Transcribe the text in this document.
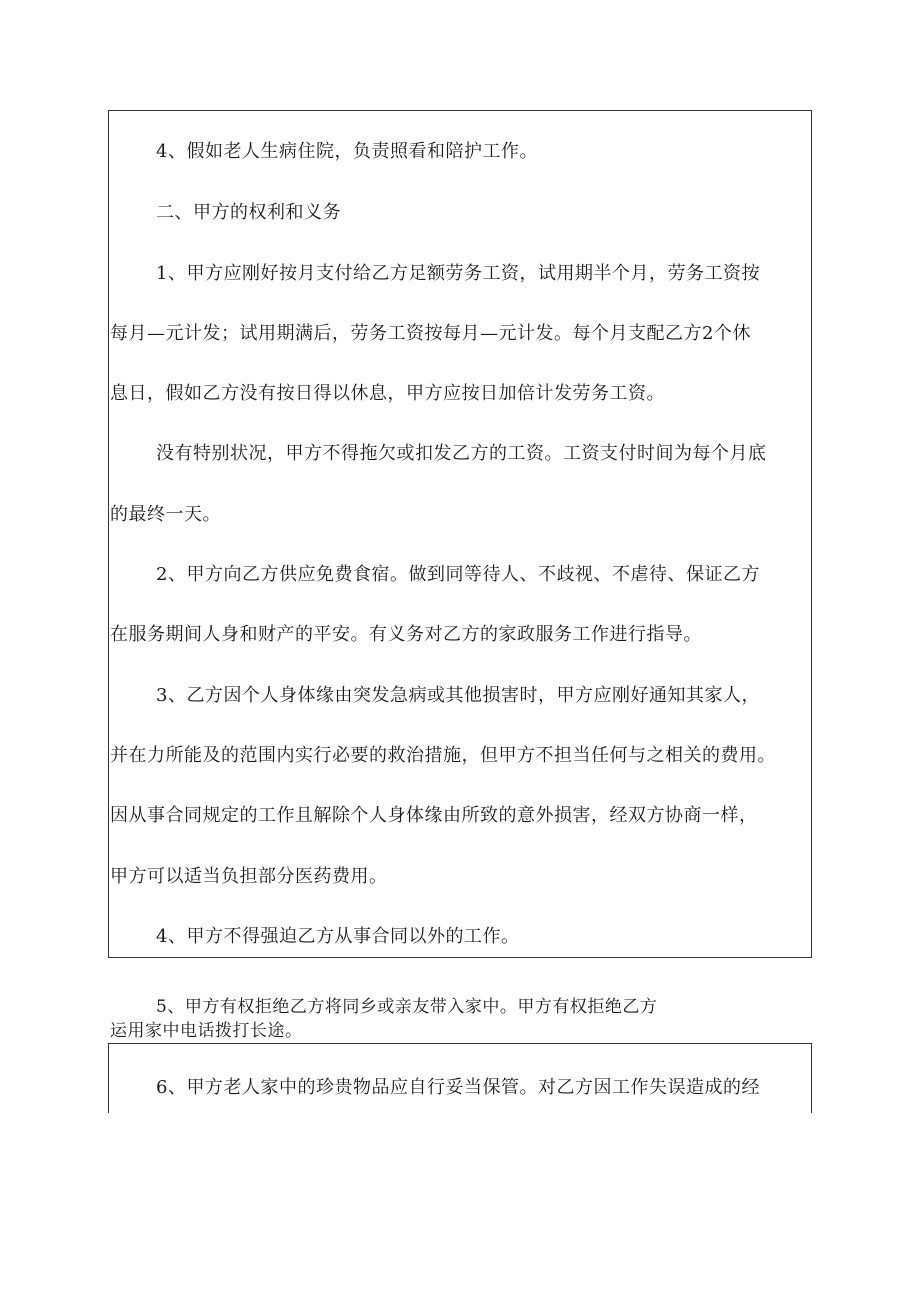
4、假如老人生病住院，负责照看和陪护工作。

二、甲方的权利和义务

1、甲方应刚好按月支付给乙方足额劳务工资，试用期半个月，劳务工资按

每月—元计发；试用期满后，劳务工资按每月—元计发。每个月支配乙方2个休

息日，假如乙方没有按日得以休息，甲方应按日加倍计发劳务工资。

没有特别状况，甲方不得拖欠或扣发乙方的工资。工资支付时间为每个月底

的最终一天。

2、甲方向乙方供应免费食宿。做到同等待人、不歧视、不虐待、保证乙方

在服务期间人身和财产的平安。有义务对乙方的家政服务工作进行指导。

3、乙方因个人身体缘由突发急病或其他损害时，甲方应刚好通知其家人，

并在力所能及的范围内实行必要的救治措施，但甲方不担当任何与之相关的费用。

因从事合同规定的工作且解除个人身体缘由所致的意外损害，经双方协商一样，

甲方可以适当负担部分医药费用。

4、甲方不得强迫乙方从事合同以外的工作。

5、甲方有权拒绝乙方将同乡或亲友带入家中。甲方有权拒绝乙方

运用家中电话拨打长途。

6、甲方老人家中的珍贵物品应自行妥当保管。对乙方因工作失误造成的经
